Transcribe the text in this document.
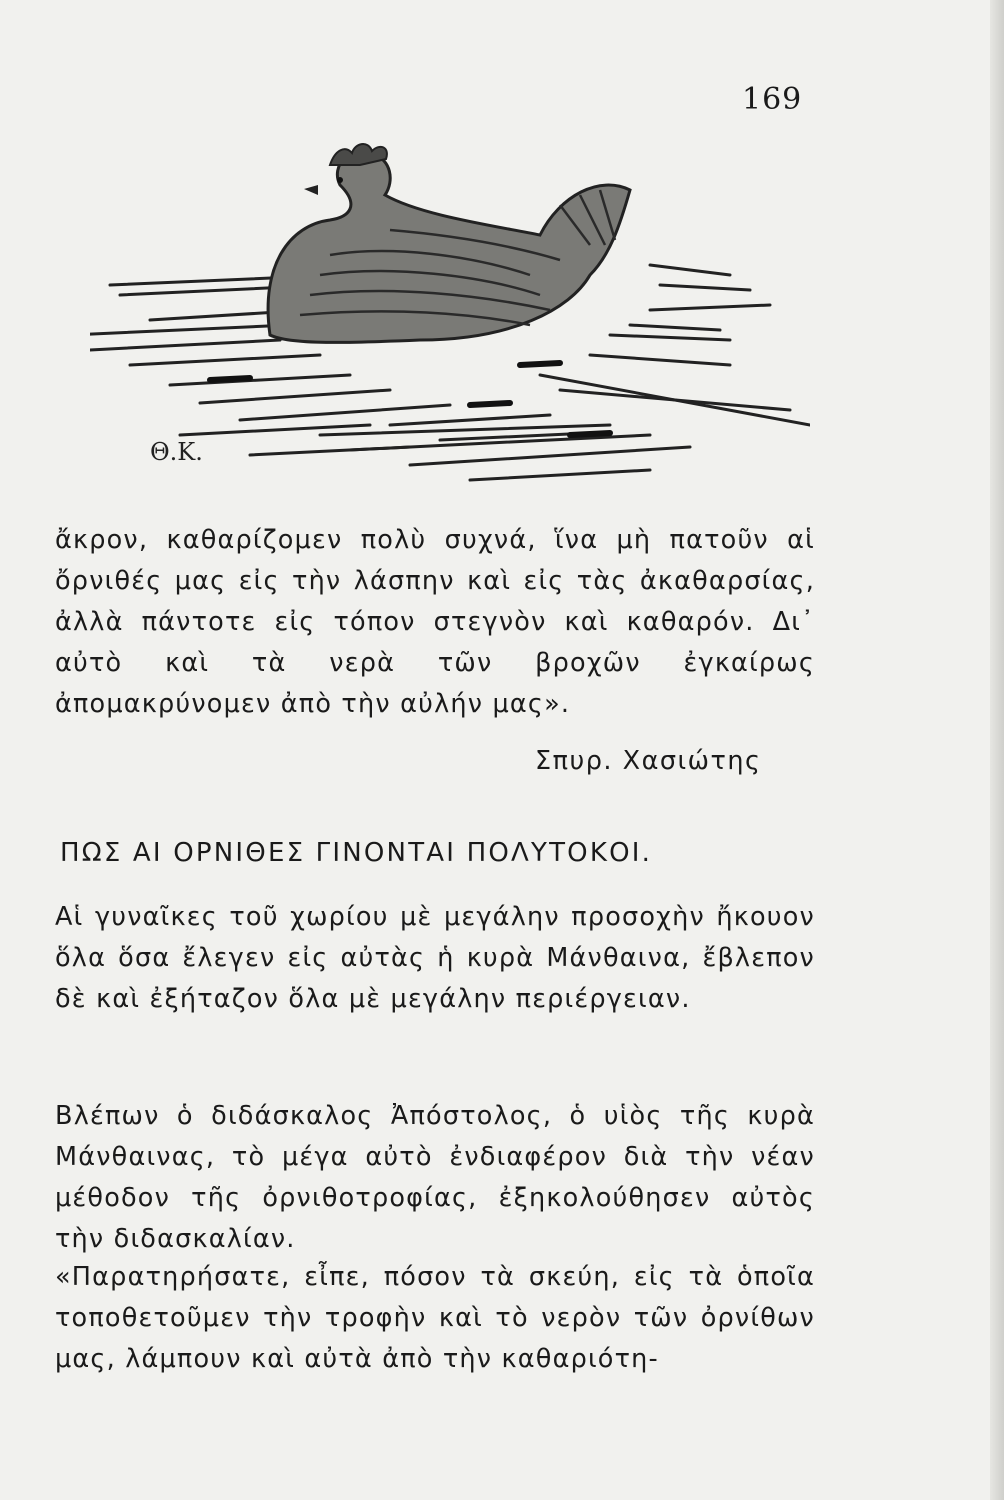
169
Θ.Κ.

ἄκρον, καθαρίζομεν πολὺ συχνά, ἵνα μὴ πατοῦν αἱ ὄρνιθές μας εἰς τὴν λάσπην καὶ εἰς τὰς ἀκαθαρσίας, ἀλλὰ πάντοτε εἰς τόπον στεγνὸν καὶ καθαρόν. Δι᾿ αὐτὸ καὶ τὰ νερὰ τῶν βροχῶν ἐγκαίρως ἀπομακρύνομεν ἀπὸ τὴν αὐλήν μας».

Σπυρ. Χασιώτης
ΠΩΣ ΑΙ ΟΡΝΙΘΕΣ ΓΙΝΟΝΤΑΙ ΠΟΛΥΤΟΚΟΙ.

Αἱ γυναῖκες τοῦ χωρίου μὲ μεγάλην προσοχὴν ἤκουον ὅλα ὅσα ἔλεγεν εἰς αὐτὰς ἡ κυρὰ Μάνθαινα, ἔβλεπον δὲ καὶ ἐξήταζον ὅλα μὲ μεγάλην περιέργειαν.

Βλέπων ὁ διδάσκαλος Ἀπόστολος, ὁ υἱὸς τῆς κυρὰ Μάνθαινας, τὸ μέγα αὐτὸ ἐνδιαφέρον διὰ τὴν νέαν μέθοδον τῆς ὀρνιθοτροφίας, ἐξηκολούθησεν αὐτὸς τὴν διδασκαλίαν.

«Παρατηρήσατε, εἶπε, πόσον τὰ σκεύη, εἰς τὰ ὁποῖα τοποθετοῦμεν τὴν τροφὴν καὶ τὸ νερὸν τῶν ὀρνίθων μας, λάμπουν καὶ αὐτὰ ἀπὸ τὴν καθαριότη-
